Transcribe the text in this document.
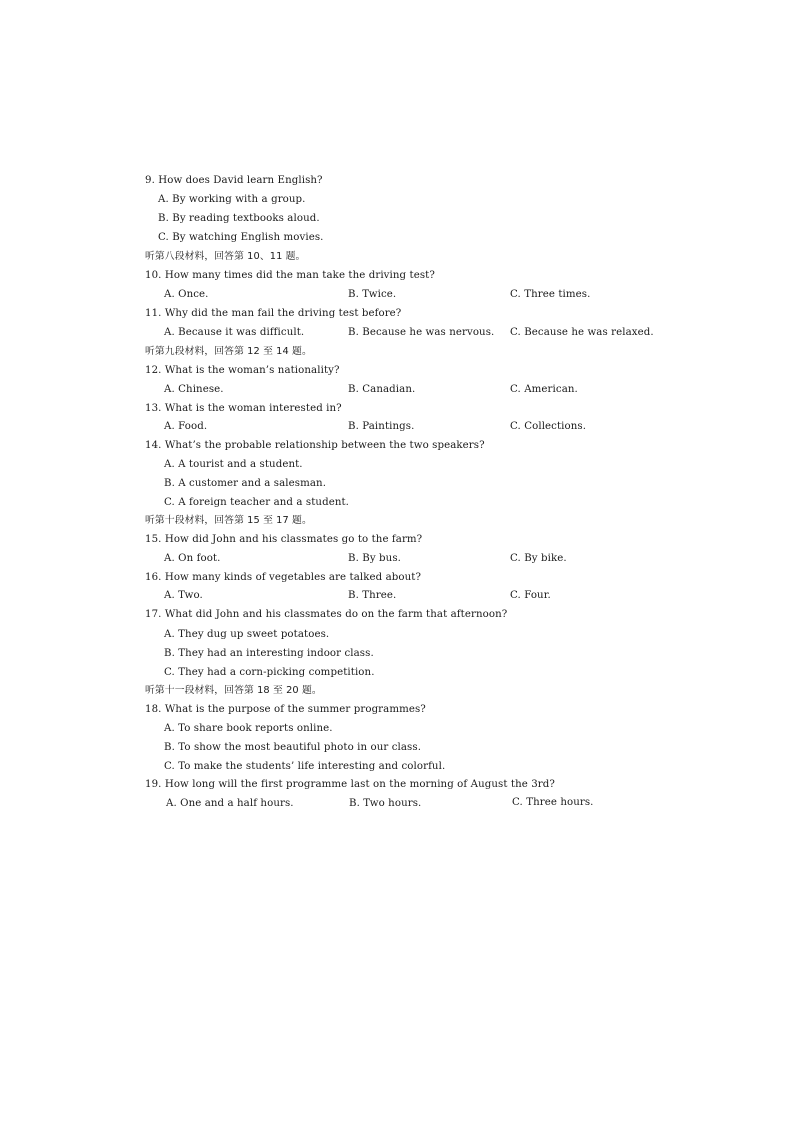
9. How does David learn English?
A. By working with a group.
B. By reading textbooks aloud.
C. By watching English movies.
听第八段材料，回答第 10、11 题。
10. How many times did the man take the driving test?
A. Once.	B. Twice.	C. Three times.
11. Why did the man fail the driving test before?
A. Because it was difficult.	B. Because he was nervous. C. Because he was relaxed.
听第九段材料，回答第 12 至 14 题。
12. What is the woman’s nationality?
A. Chinese.	B. Canadian.	C. American.
13. What is the woman interested in?
A. Food.	B. Paintings.	C. Collections.
14. What’s the probable relationship between the two speakers?
A. A tourist and a student.
B. A customer and a salesman.
C. A foreign teacher and a student.
听第十段材料，回答第 15 至 17 题。
15. How did John and his classmates go to the farm?
A. On foot.	B. By bus.	C. By bike.
16. How many kinds of vegetables are talked about?
A. Two.	B. Three.	C. Four.
17. What did John and his classmates do on the farm that afternoon?
A. They dug up sweet potatoes.
B. They had an interesting indoor class.
C. They had a corn-picking competition.
听第十一段材料，回答第 18 至 20 题。
18. What is the purpose of the summer programmes?
A. To share book reports online.
B. To show the most beautiful photo in our class.
C. To make the students’ life interesting and colorful.
19. How long will the first programme last on the morning of August the 3rd?
A. One and a half hours.	B. Two hours.	C. Three hours.
